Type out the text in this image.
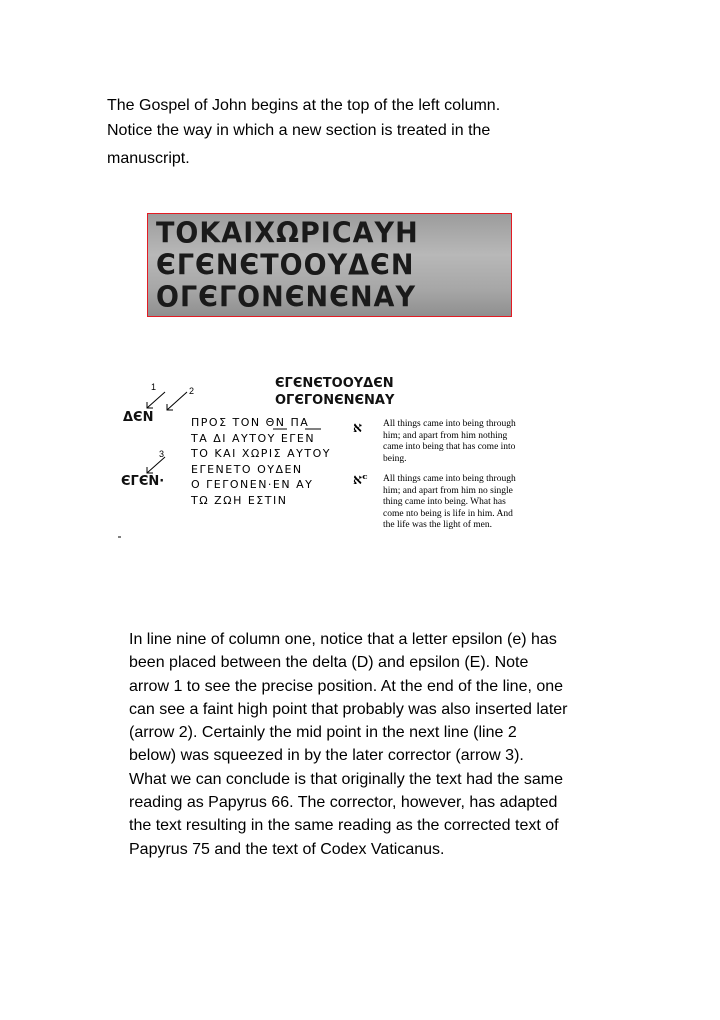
The Gospel of John begins at the top of the left column.
Notice the way in which a new section is treated in the
manuscript.
ΤΟΚΑΙΧΩΡΙCΑΥΗ
ЄΓЄΝЄΤΟΟΥΔЄΝ
ΟΓЄΓΟΝЄΝЄΝΑΥ
1	2
3
ЄΓЄΝЄΤΟΟΥΔЄΝ
ΟΓЄΓΟΝЄΝЄΝΑΥ
ΔЄΝ
ЄΓЄΝ·
ΠΡΟΣ ΤΟΝ ΘΝ ΠΑ
ΤΑ ΔΙ ΑΥΤΟΥ ΕΓΕΝ
ΤΟ ΚΑΙ ΧΩΡΙΣ ΑΥΤΟΥ
ΕΓΕΝΕΤΟ ΟΥΔΕΝ
Ο ΓΕΓΟΝΕΝ·ΕΝ ΑΥ
ΤΩ ΖΩΗ ΕΣΤΙΝ
א
אᶜ
All things came into being through
him; and apart from him nothing
came into being that has come into
being.
All things came into being through
him; and apart from him no single
thing came into being. What has
come nto being is life in him. And
the life was the light of men.
In line nine of column one, notice that a letter epsilon (e) has
been placed between the delta (D) and epsilon (E). Note
arrow 1 to see the precise position. At the end of the line, one
can see a faint high point that probably was also inserted later
(arrow 2). Certainly the mid point in the next line (line 2
below) was squeezed in by the later corrector (arrow 3).
What we can conclude is that originally the text had the same
reading as Papyrus 66. The corrector, however, has adapted
the text resulting in the same reading as the corrected text of
Papyrus 75 and the text of Codex Vaticanus.
